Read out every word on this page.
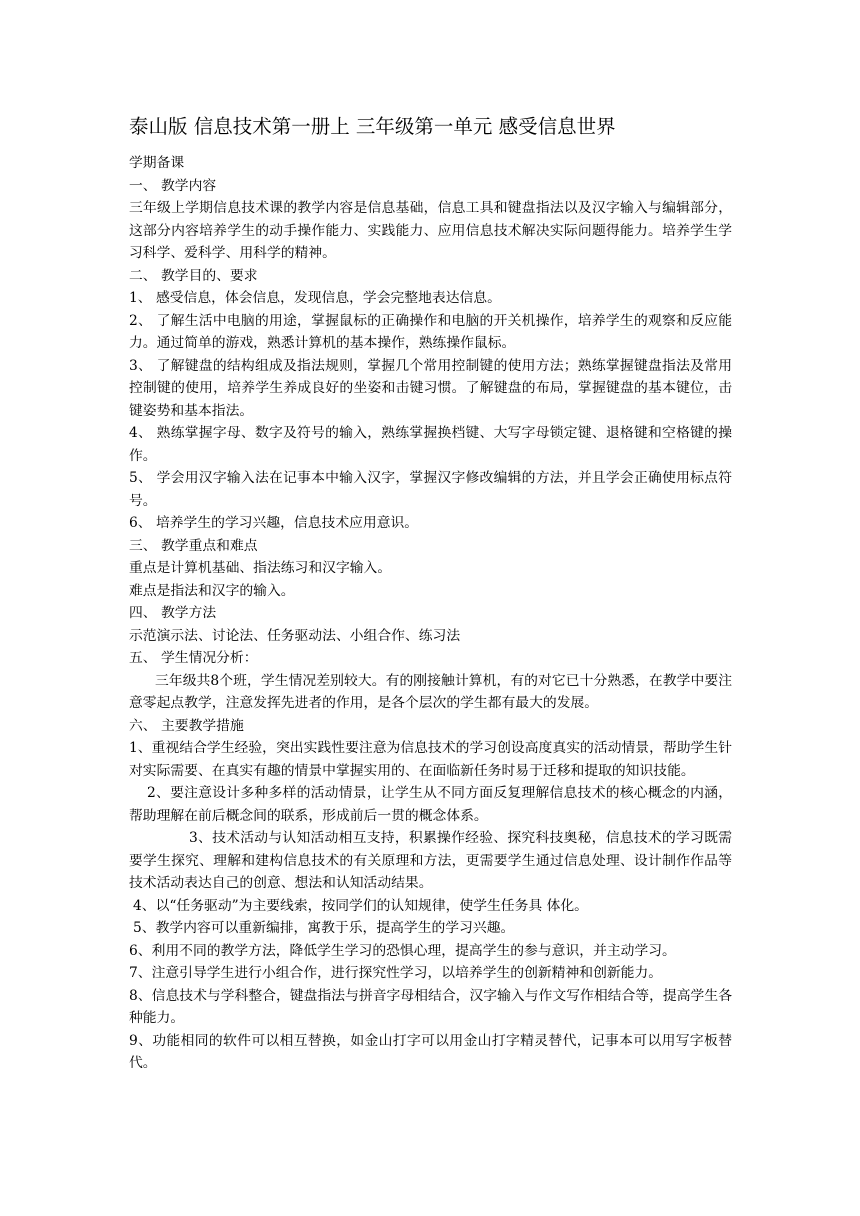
泰山版 信息技术第一册上 三年级第一单元 感受信息世界

学期备课

一、 教学内容

三年级上学期信息技术课的教学内容是信息基础，信息工具和键盘指法以及汉字输入与编辑部分，这部分内容培养学生的动手操作能力、实践能力、应用信息技术解决实际问题得能力。培养学生学习科学、爱科学、用科学的精神。

二、 教学目的、要求

1、 感受信息，体会信息，发现信息，学会完整地表达信息。

2、 了解生活中电脑的用途，掌握鼠标的正确操作和电脑的开关机操作，培养学生的观察和反应能力。通过简单的游戏，熟悉计算机的基本操作，熟练操作鼠标。

3、 了解键盘的结构组成及指法规则，掌握几个常用控制键的使用方法；熟练掌握键盘指法及常用控制键的使用，培养学生养成良好的坐姿和击键习惯。了解键盘的布局，掌握键盘的基本键位，击键姿势和基本指法。

4、 熟练掌握字母、数字及符号的输入，熟练掌握换档键、大写字母锁定键、退格键和空格键的操作。

5、 学会用汉字输入法在记事本中输入汉字，掌握汉字修改编辑的方法，并且学会正确使用标点符号。

6、 培养学生的学习兴趣，信息技术应用意识。

三、 教学重点和难点

重点是计算机基础、指法练习和汉字输入。

难点是指法和汉字的输入。

四、 教学方法

示范演示法、讨论法、任务驱动法、小组合作、练习法

五、 学生情况分析：

三年级共8个班，学生情况差别较大。有的刚接触计算机，有的对它已十分熟悉，在教学中要注意零起点教学，注意发挥先进者的作用，是各个层次的学生都有最大的发展。

六、 主要教学措施

1、重视结合学生经验，突出实践性要注意为信息技术的学习创设高度真实的活动情景，帮助学生针对实际需要、在真实有趣的情景中掌握实用的、在面临新任务时易于迁移和提取的知识技能。

2、要注意设计多种多样的活动情景，让学生从不同方面反复理解信息技术的核心概念的内涵，帮助理解在前后概念间的联系，形成前后一贯的概念体系。

3、技术活动与认知活动相互支持，积累操作经验、探究科技奥秘，信息技术的学习既需要学生探究、理解和建构信息技术的有关原理和方法，更需要学生通过信息处理、设计制作作品等技术活动表达自己的创意、想法和认知活动结果。

4、以“任务驱动”为主要线索，按同学们的认知规律，使学生任务具 体化。

5、教学内容可以重新编排，寓教于乐，提高学生的学习兴趣。

6、利用不同的教学方法，降低学生学习的恐惧心理，提高学生的参与意识，并主动学习。

7、注意引导学生进行小组合作，进行探究性学习，以培养学生的创新精神和创新能力。

8、信息技术与学科整合，键盘指法与拼音字母相结合，汉字输入与作文写作相结合等，提高学生各种能力。

9、功能相同的软件可以相互替换，如金山打字可以用金山打字精灵替代，记事本可以用写字板替代。
